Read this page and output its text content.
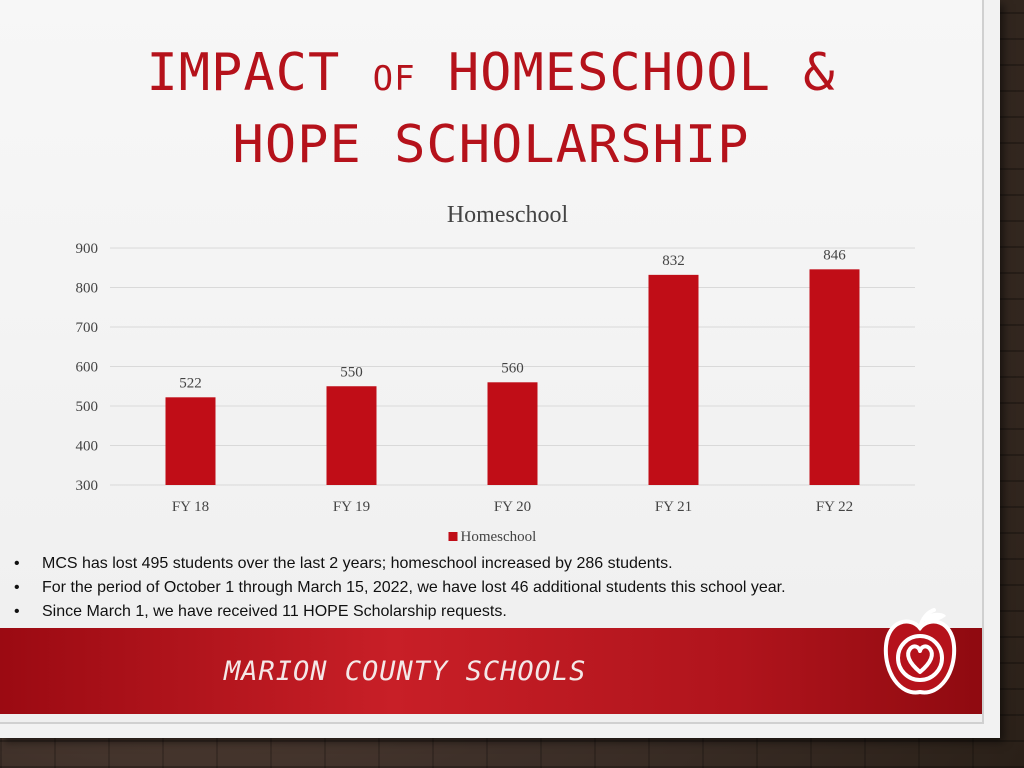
IMPACT OF HOMESCHOOL &
HOPE SCHOLARSHIP
Homeschool
300
400
500
600
700
800
900
522
FY 18
550
FY 19
560
FY 20
832
FY 21
846
FY 22
Homeschool
• MCS has lost 495 students over the last 2 years; homeschool increased by 286 students.
• For the period of October 1 through March 15, 2022, we have lost 46 additional students this school year.
• Since March 1, we have received 11 HOPE Scholarship requests.
MARION COUNTY SCHOOLS
